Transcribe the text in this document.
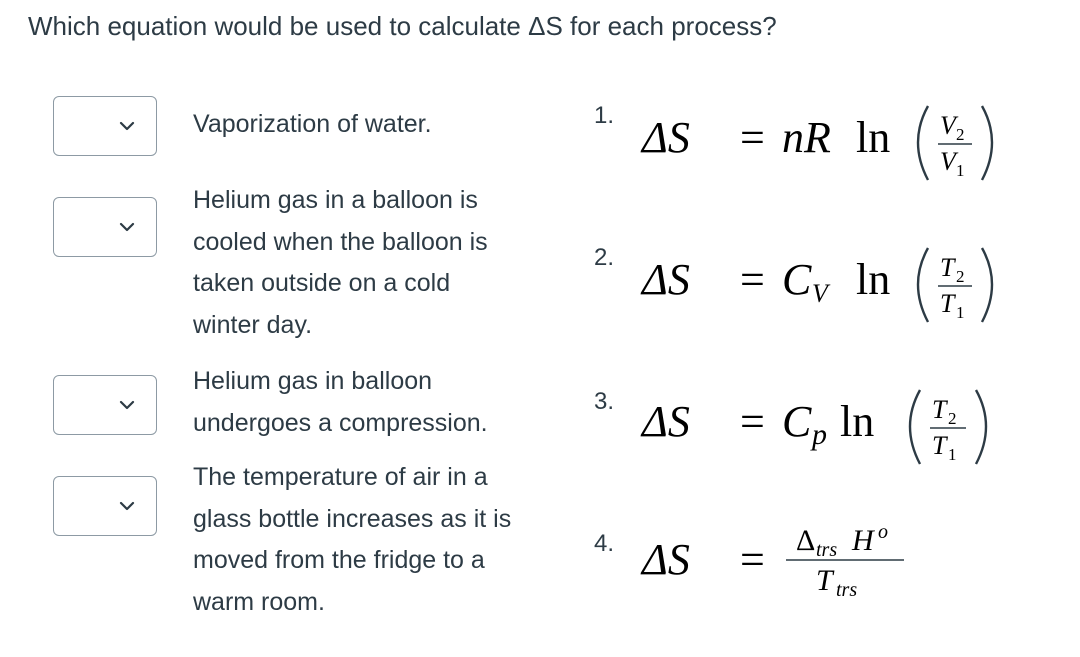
Which equation would be used to calculate ΔS for each process?
Vaporization of water.
Helium gas in a balloon is
cooled when the balloon is
taken outside on a cold
winter day.
Helium gas in balloon
undergoes a compression.
The temperature of air in a
glass bottle increases as it is
moved from the fridge to a
warm room.
1.
2.
3.
4.
ΔS = nR ln V 2
V 1
ΔS = C V ln T 2
T 1
ΔS = C p ln T 2
T 1
ΔS = Δ trs H o
T trs
